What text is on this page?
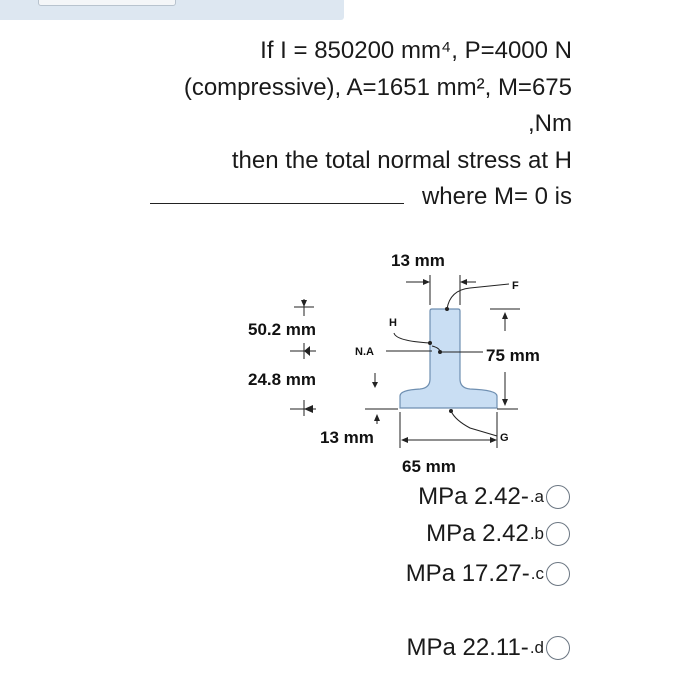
If I = 850200 mm⁴, P=4000 N

(compressive), A=1651 mm², M=675

,Nm

then the total normal stress at H

where M= 0 is

13 mm
F
H
N.A
50.2 mm
24.8 mm
75 mm
13 mm	G
65 mm
MPa 2.42- .a
MPa 2.42 .b
MPa 17.27- .c
MPa 22.11- .d
